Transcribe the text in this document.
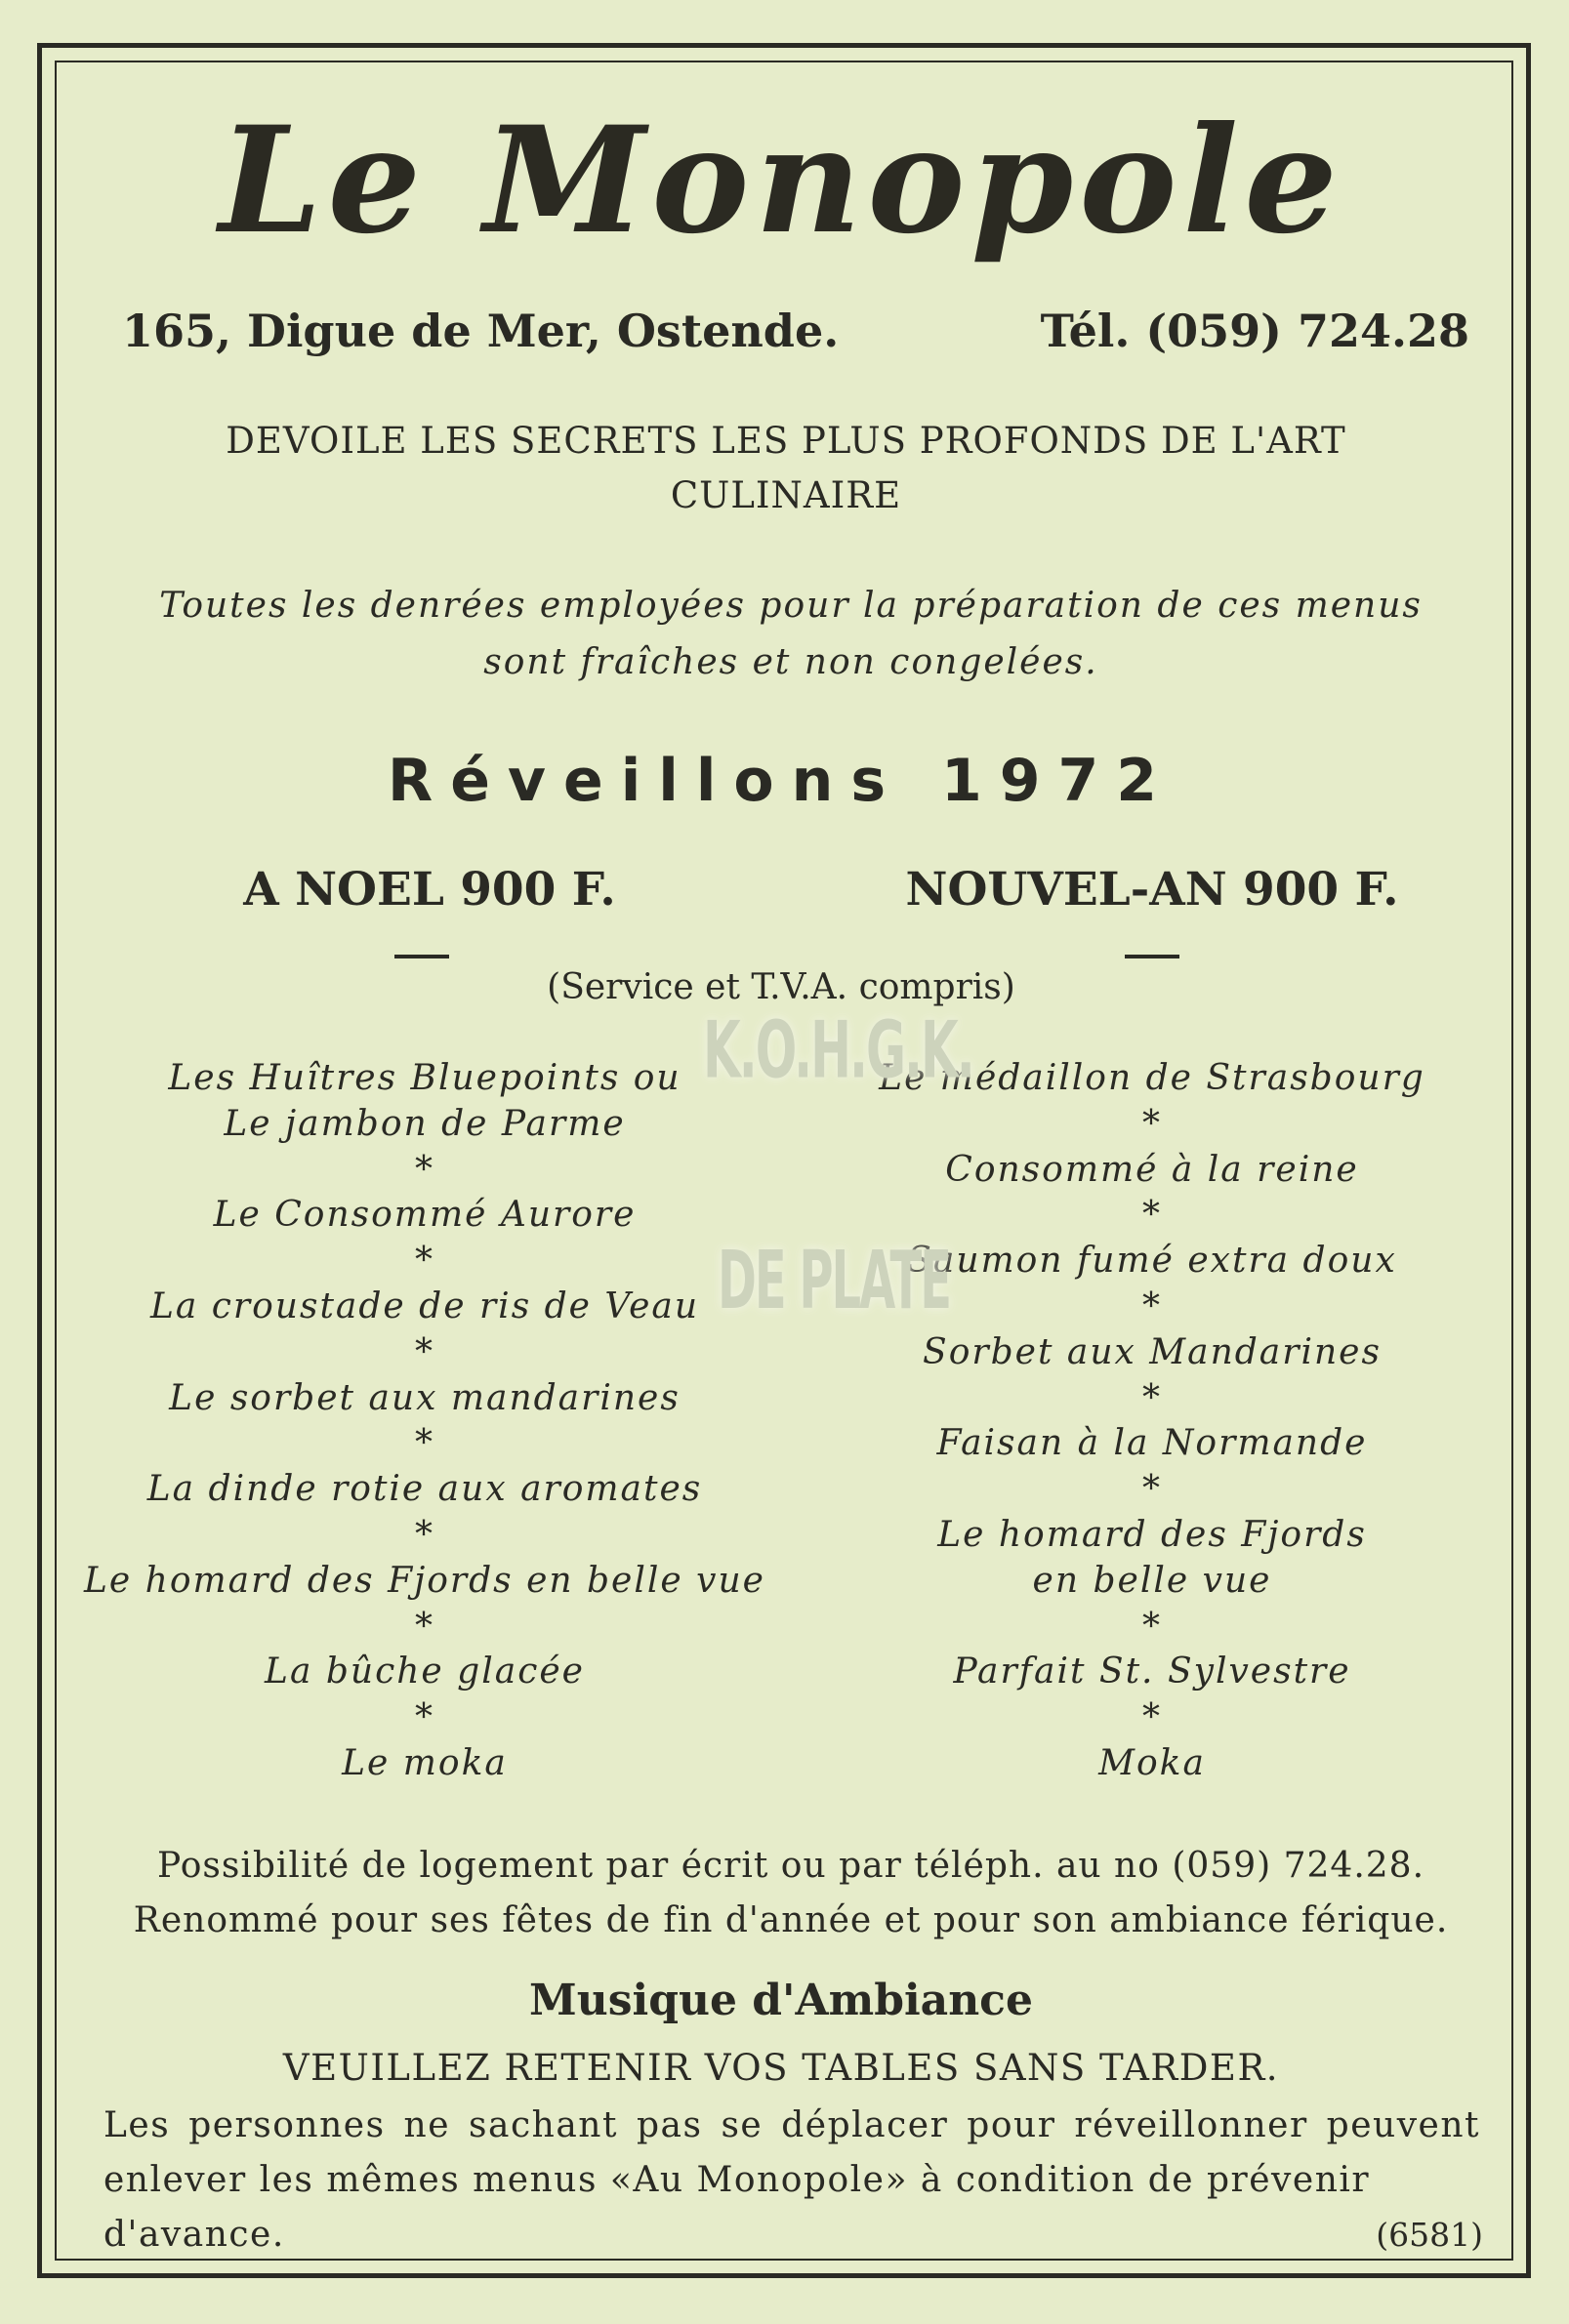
Le Monopole
165, Digue de Mer, Ostende.	Tél. (059) 724.28
DEVOILE LES SECRETS LES PLUS PROFONDS DE L'ART CULINAIRE
Toutes les denrées employées pour la préparation de ces menus
sont fraîches et non congelées.
Réveillons 1972
A NOEL 900 F.	NOUVEL-AN 900 F.
(Service et T.V.A. compris)
Les Huîtres Bluepoints ou
Le jambon de Parme
*
Le Consommé Aurore
*
La croustade de ris de Veau
*
Le sorbet aux mandarines
*
La dinde rotie aux aromates
*
Le homard des Fjords en belle vue
*
La bûche glacée
*
Le moka
Le médaillon de Strasbourg
*
Consommé à la reine
*
Saumon fumé extra doux
*
Sorbet aux Mandarines
*
Faisan à la Normande
*
Le homard des Fjords
en belle vue
*
Parfait St. Sylvestre
*
Moka
K.O.H.G.K.
DE PLATE
Possibilité de logement par écrit ou par téléph. au no (059) 724.28.
Renommé pour ses fêtes de fin d'année et pour son ambiance férique.
Musique d'Ambiance
VEUILLEZ RETENIR VOS TABLES SANS TARDER.
Les personnes ne sachant pas se déplacer pour réveillonner peuvent enlever les mêmes menus «Au Monopole» à condition de prévenir
d'avance.	(6581)
